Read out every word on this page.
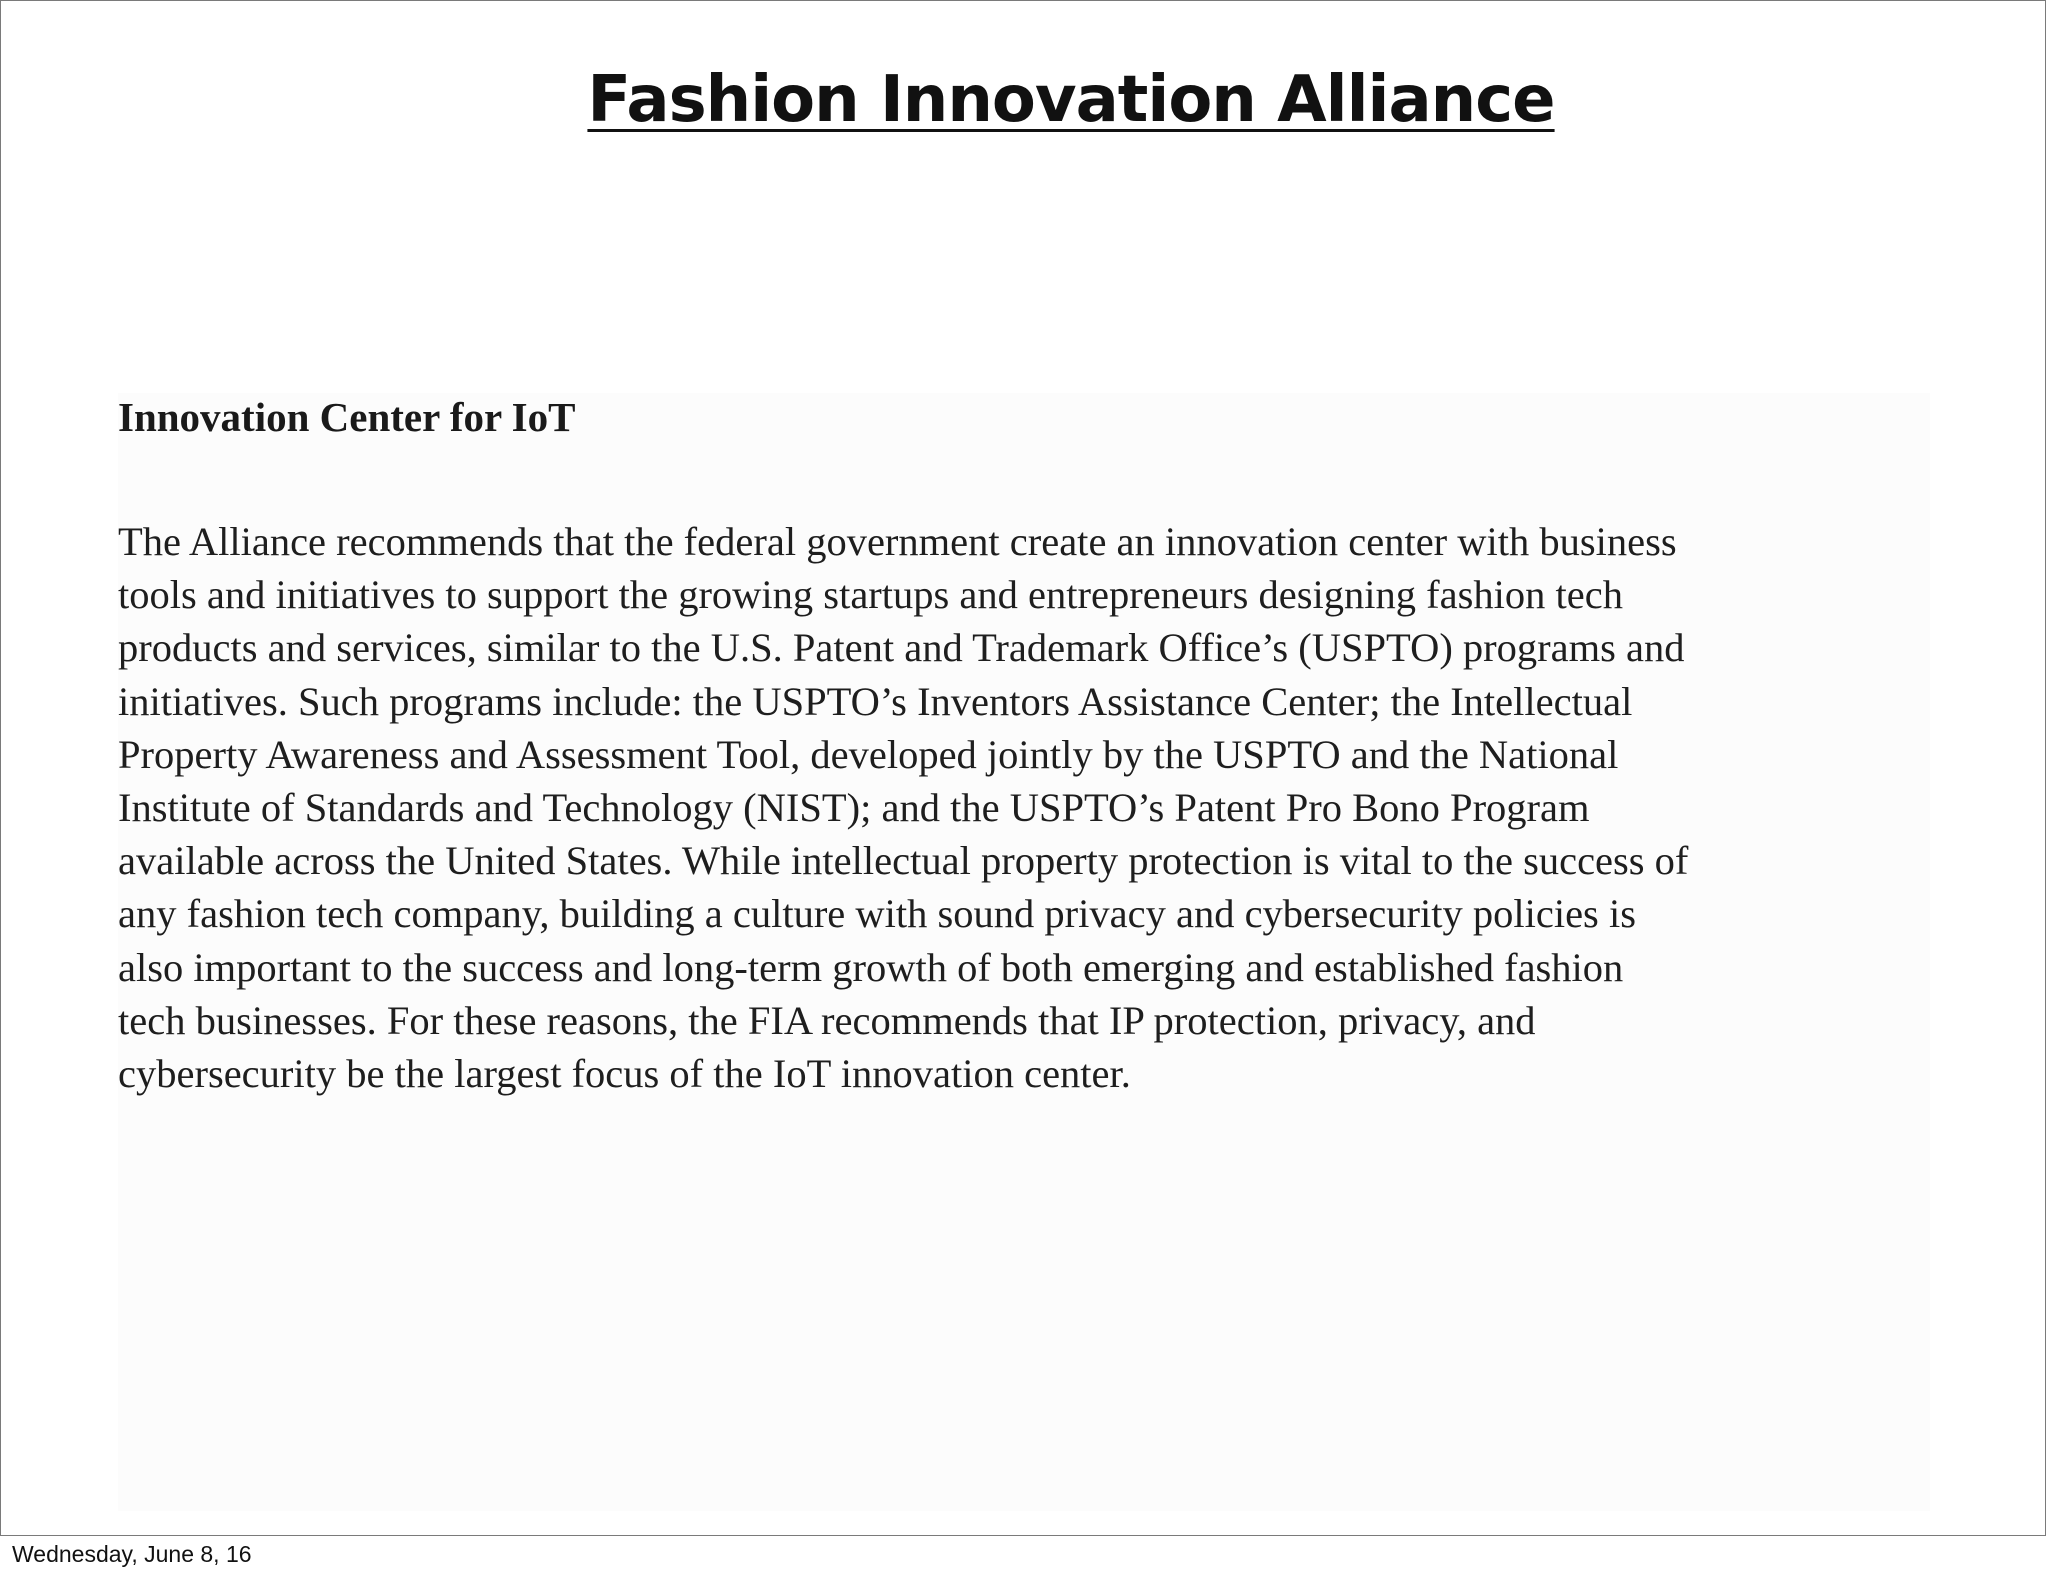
Fashion Innovation Alliance
Innovation Center for IoT

The Alliance recommends that the federal government create an innovation center with business
tools and initiatives to support the growing startups and entrepreneurs designing fashion tech
products and services, similar to the U.S. Patent and Trademark Office’s (USPTO) programs and
initiatives. Such programs include: the USPTO’s Inventors Assistance Center; the Intellectual
Property Awareness and Assessment Tool, developed jointly by the USPTO and the National
Institute of Standards and Technology (NIST); and the USPTO’s Patent Pro Bono Program
available across the United States. While intellectual property protection is vital to the success of
any fashion tech company, building a culture with sound privacy and cybersecurity policies is
also important to the success and long-term growth of both emerging and established fashion
tech businesses. For these reasons, the FIA recommends that IP protection, privacy, and
cybersecurity be the largest focus of the IoT innovation center.

Wednesday, June 8, 16
